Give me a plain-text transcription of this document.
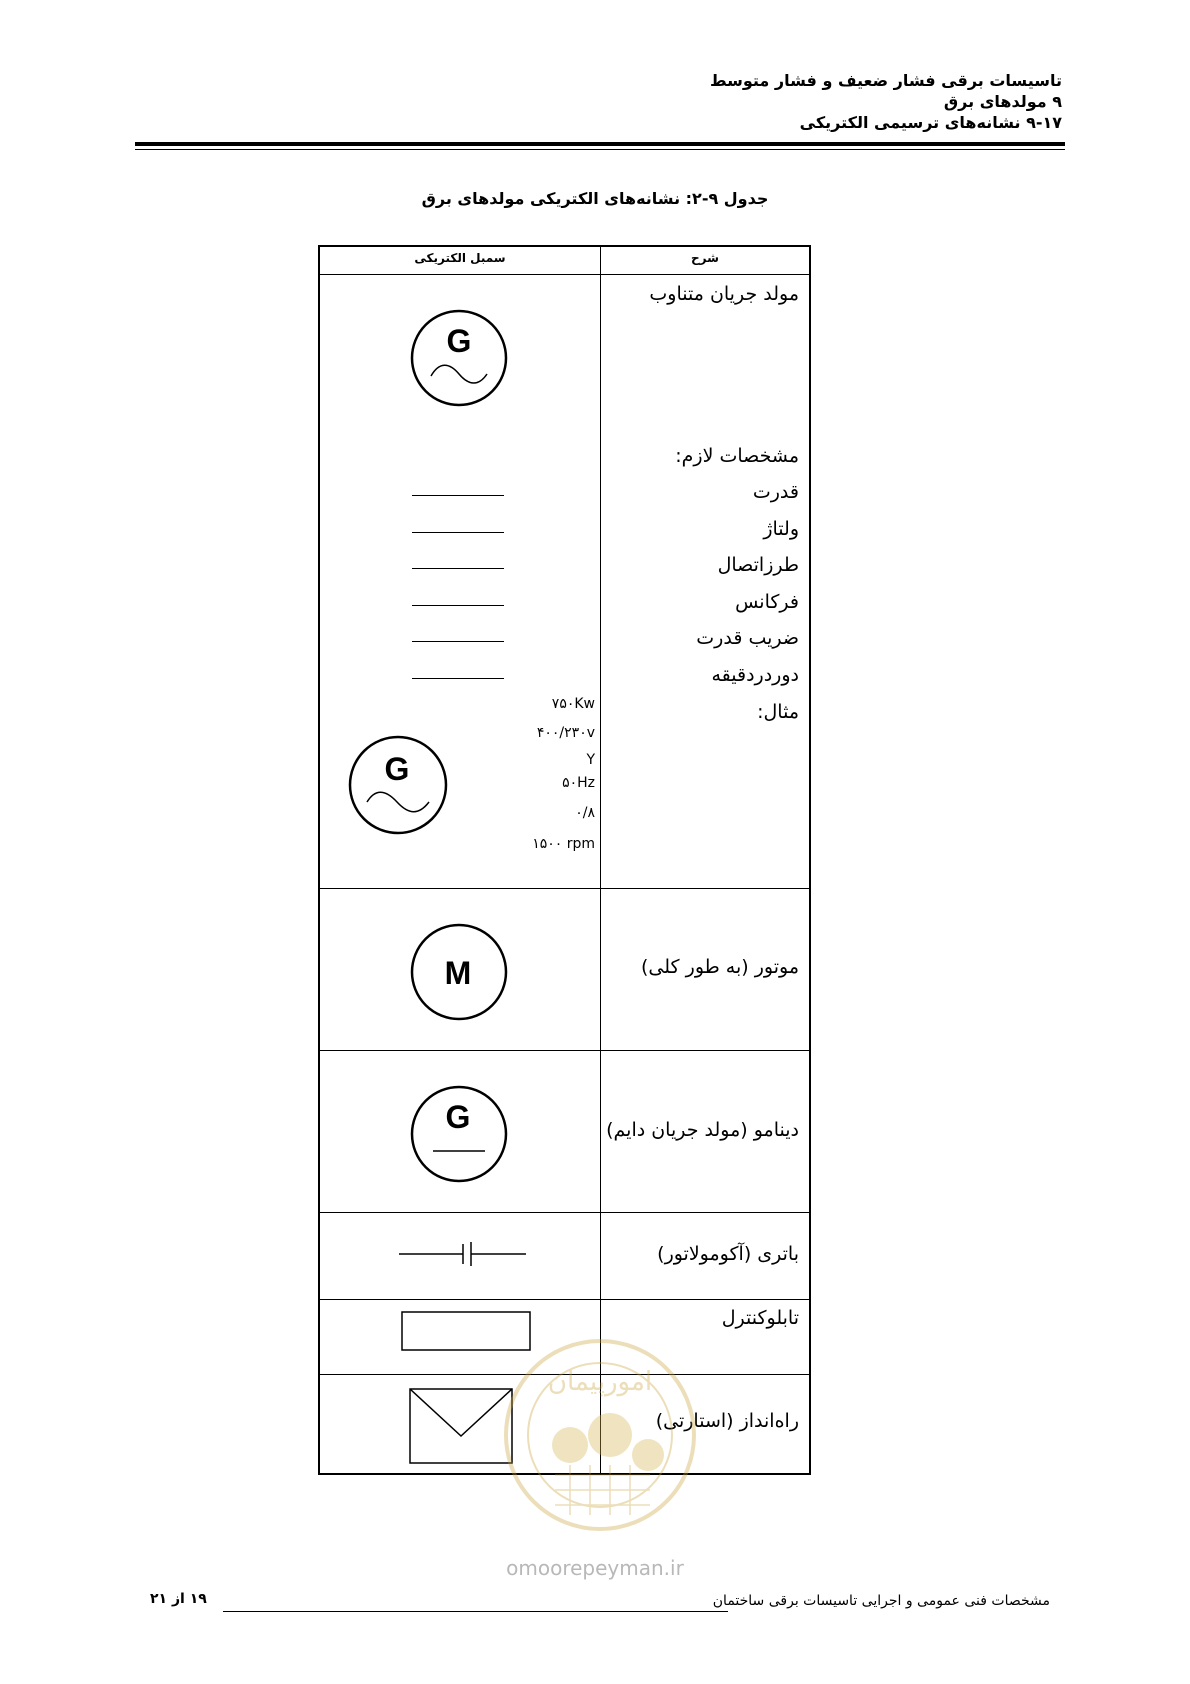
تاسیسات برقی فشار ضعیف و فشار متوسط
۹ مولدهای برق
۹-۱۷ نشانه‌های ترسیمی الکتریکی
جدول ۹-۲: نشانه‌های الکتریکی مولدهای برق
سمبل الکتریکی	شرح
مولد جریان متناوب
G
مشخصات لازم:
قدرت
ولتاژ
طرزاتصال
فرکانس
ضریب قدرت
دوردردقیقه
مثال:
۷۵۰Kw
۴۰۰/۲۳۰v
Y
۵۰Hz
۰/۸
۱۵۰۰ rpm
G
موتور (به طور کلی)
M
دینامو (مولد جریان دایم)
G
باتری (آکومولاتور)
تابلوکنترل
راه‌انداز (استارتی)
امورپیمان
omoorepeyman.ir
مشخصات فنی عمومی و اجرایی تاسیسات برقی ساختمان
۱۹ از ۲۱
